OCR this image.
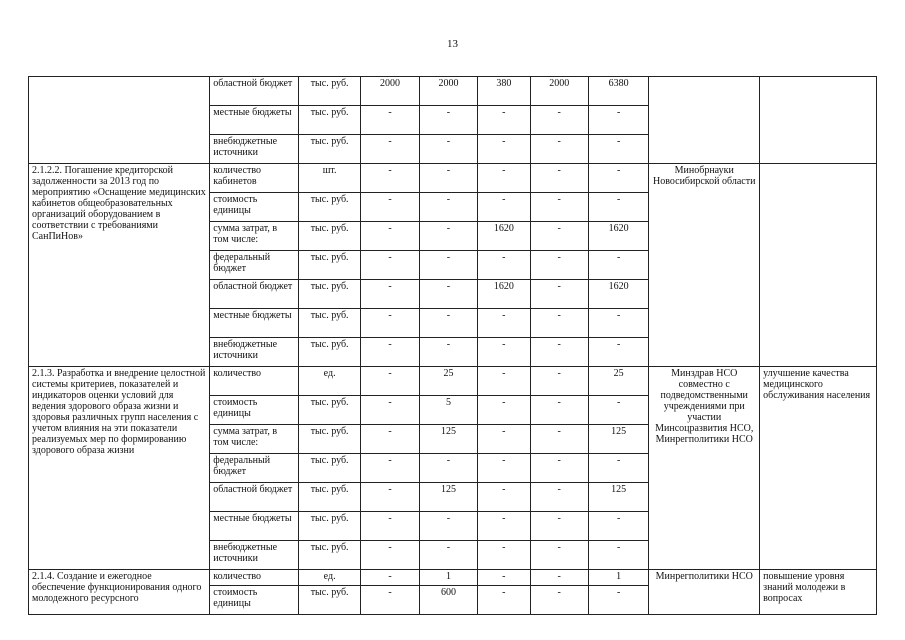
13
	областной бюджет	тыс. руб.	2000	2000	380	2000	6380		
	местные бюджеты	тыс. руб.	-	-	-	-	-		
	внебюджетные источники	тыс. руб.	-	-	-	-	-		
2.1.2.2. Погашение кредиторской задолженности за 2013 год по мероприятию «Оснащение медицинских кабинетов общеобразовательных организаций оборудованием в соответствии с требованиями СанПиНов»	количество кабинетов	шт.	-	-	-	-	-	Минобрнауки Новосибирской области	
	стоимость единицы	тыс. руб.	-	-	-	-	-		
	сумма затрат, в том числе:	тыс. руб.	-	-	1620	-	1620		
	федеральный бюджет	тыс. руб.	-	-	-	-	-		
	областной бюджет	тыс. руб.	-	-	1620	-	1620		
	местные бюджеты	тыс. руб.	-	-	-	-	-		
	внебюджетные источники	тыс. руб.	-	-	-	-	-		
2.1.3. Разработка и внедрение целостной системы критериев, показателей и индикаторов оценки условий для ведения здорового образа жизни и здоровья различных групп населения с учетом влияния на эти показатели реализуемых мер по формированию здорового образа жизни	количество	ед.	-	25	-	-	25	Минздрав НСО совместно с подведомственными учреждениями при участии Минсоцразвития НСО, Минрегполитики НСО	улучшение качества медицинского обслуживания населения
	стоимость единицы	тыс. руб.	-	5	-	-	-		
	сумма затрат, в том числе:	тыс. руб.	-	125	-	-	125		
	федеральный бюджет	тыс. руб.	-	-	-	-	-		
	областной бюджет	тыс. руб.	-	125	-	-	125		
	местные бюджеты	тыс. руб.	-	-	-	-	-		
	внебюджетные источники	тыс. руб.	-	-	-	-	-		
2.1.4. Создание и ежегодное обеспечение функционирования одного молодежного ресурсного	количество	ед.	-	1	-	-	1	Минрегполитики НСО	повышение уровня знаний молодежи в вопросах
	стоимость единицы	тыс. руб.	-	600	-	-	-		
